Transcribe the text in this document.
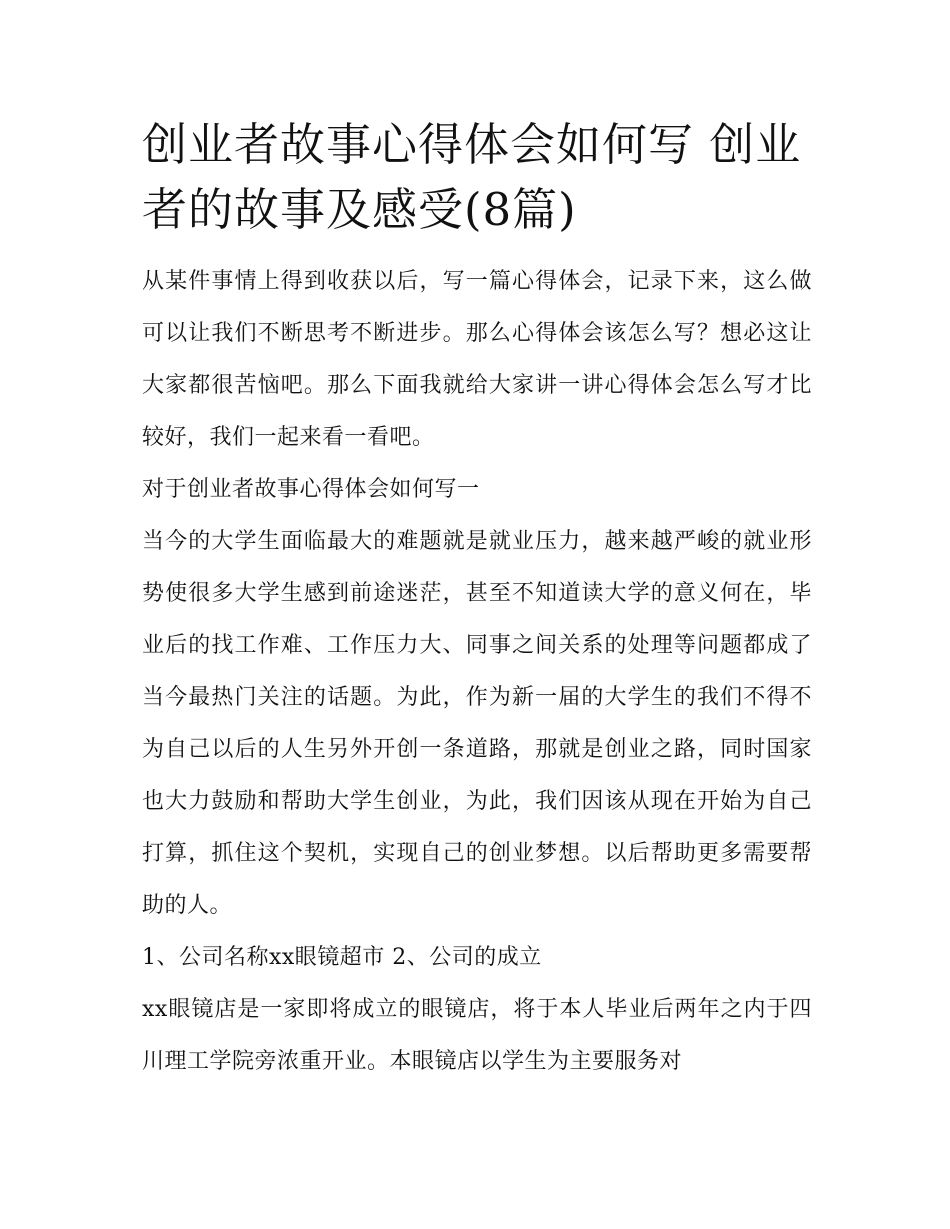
创业者故事心得体会如何写 创业者的故事及感受(8篇)

从某件事情上得到收获以后，写一篇心得体会，记录下来，这么做可以让我们不断思考不断进步。那么心得体会该怎么写？想必这让大家都很苦恼吧。那么下面我就给大家讲一讲心得体会怎么写才比较好，我们一起来看一看吧。

对于创业者故事心得体会如何写一

当今的大学生面临最大的难题就是就业压力，越来越严峻的就业形势使很多大学生感到前途迷茫，甚至不知道读大学的意义何在，毕业后的找工作难、工作压力大、同事之间关系的处理等问题都成了当今最热门关注的话题。为此，作为新一届的大学生的我们不得不为自己以后的人生另外开创一条道路，那就是创业之路，同时国家也大力鼓励和帮助大学生创业，为此，我们因该从现在开始为自己打算，抓住这个契机，实现自己的创业梦想。以后帮助更多需要帮助的人。

1、公司名称xx眼镜超市 2、公司的成立

xx眼镜店是一家即将成立的眼镜店，将于本人毕业后两年之内于四川理工学院旁浓重开业。本眼镜店以学生为主要服务对
